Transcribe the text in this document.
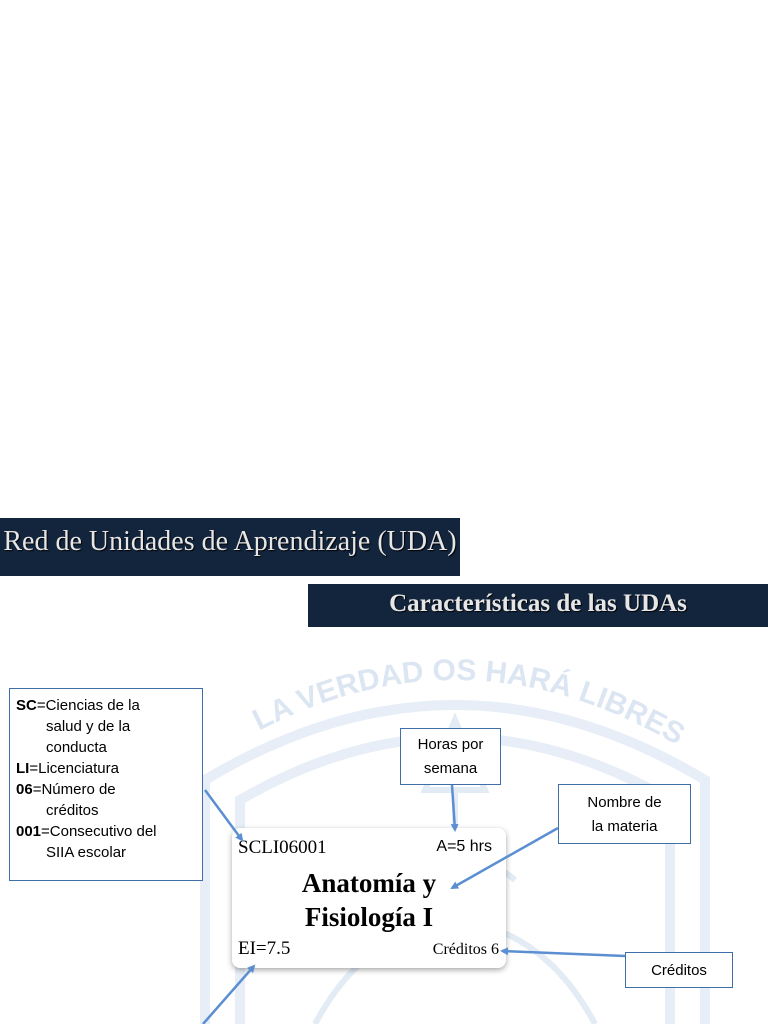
Red de Unidades de Aprendizaje (UDA)
Características de las UDAs
LA VERDAD OS HARÁ LIBRES
SC=Ciencias de la
salud y de la
conducta
LI=Licenciatura
06=Número de
créditos
001=Consecutivo del
SIIA escolar
Horas por
semana
Nombre de
la materia
Créditos
SCLI06001	A=5 hrs
Anatomía y
Fisiología I
EI=7.5	Créditos 6
